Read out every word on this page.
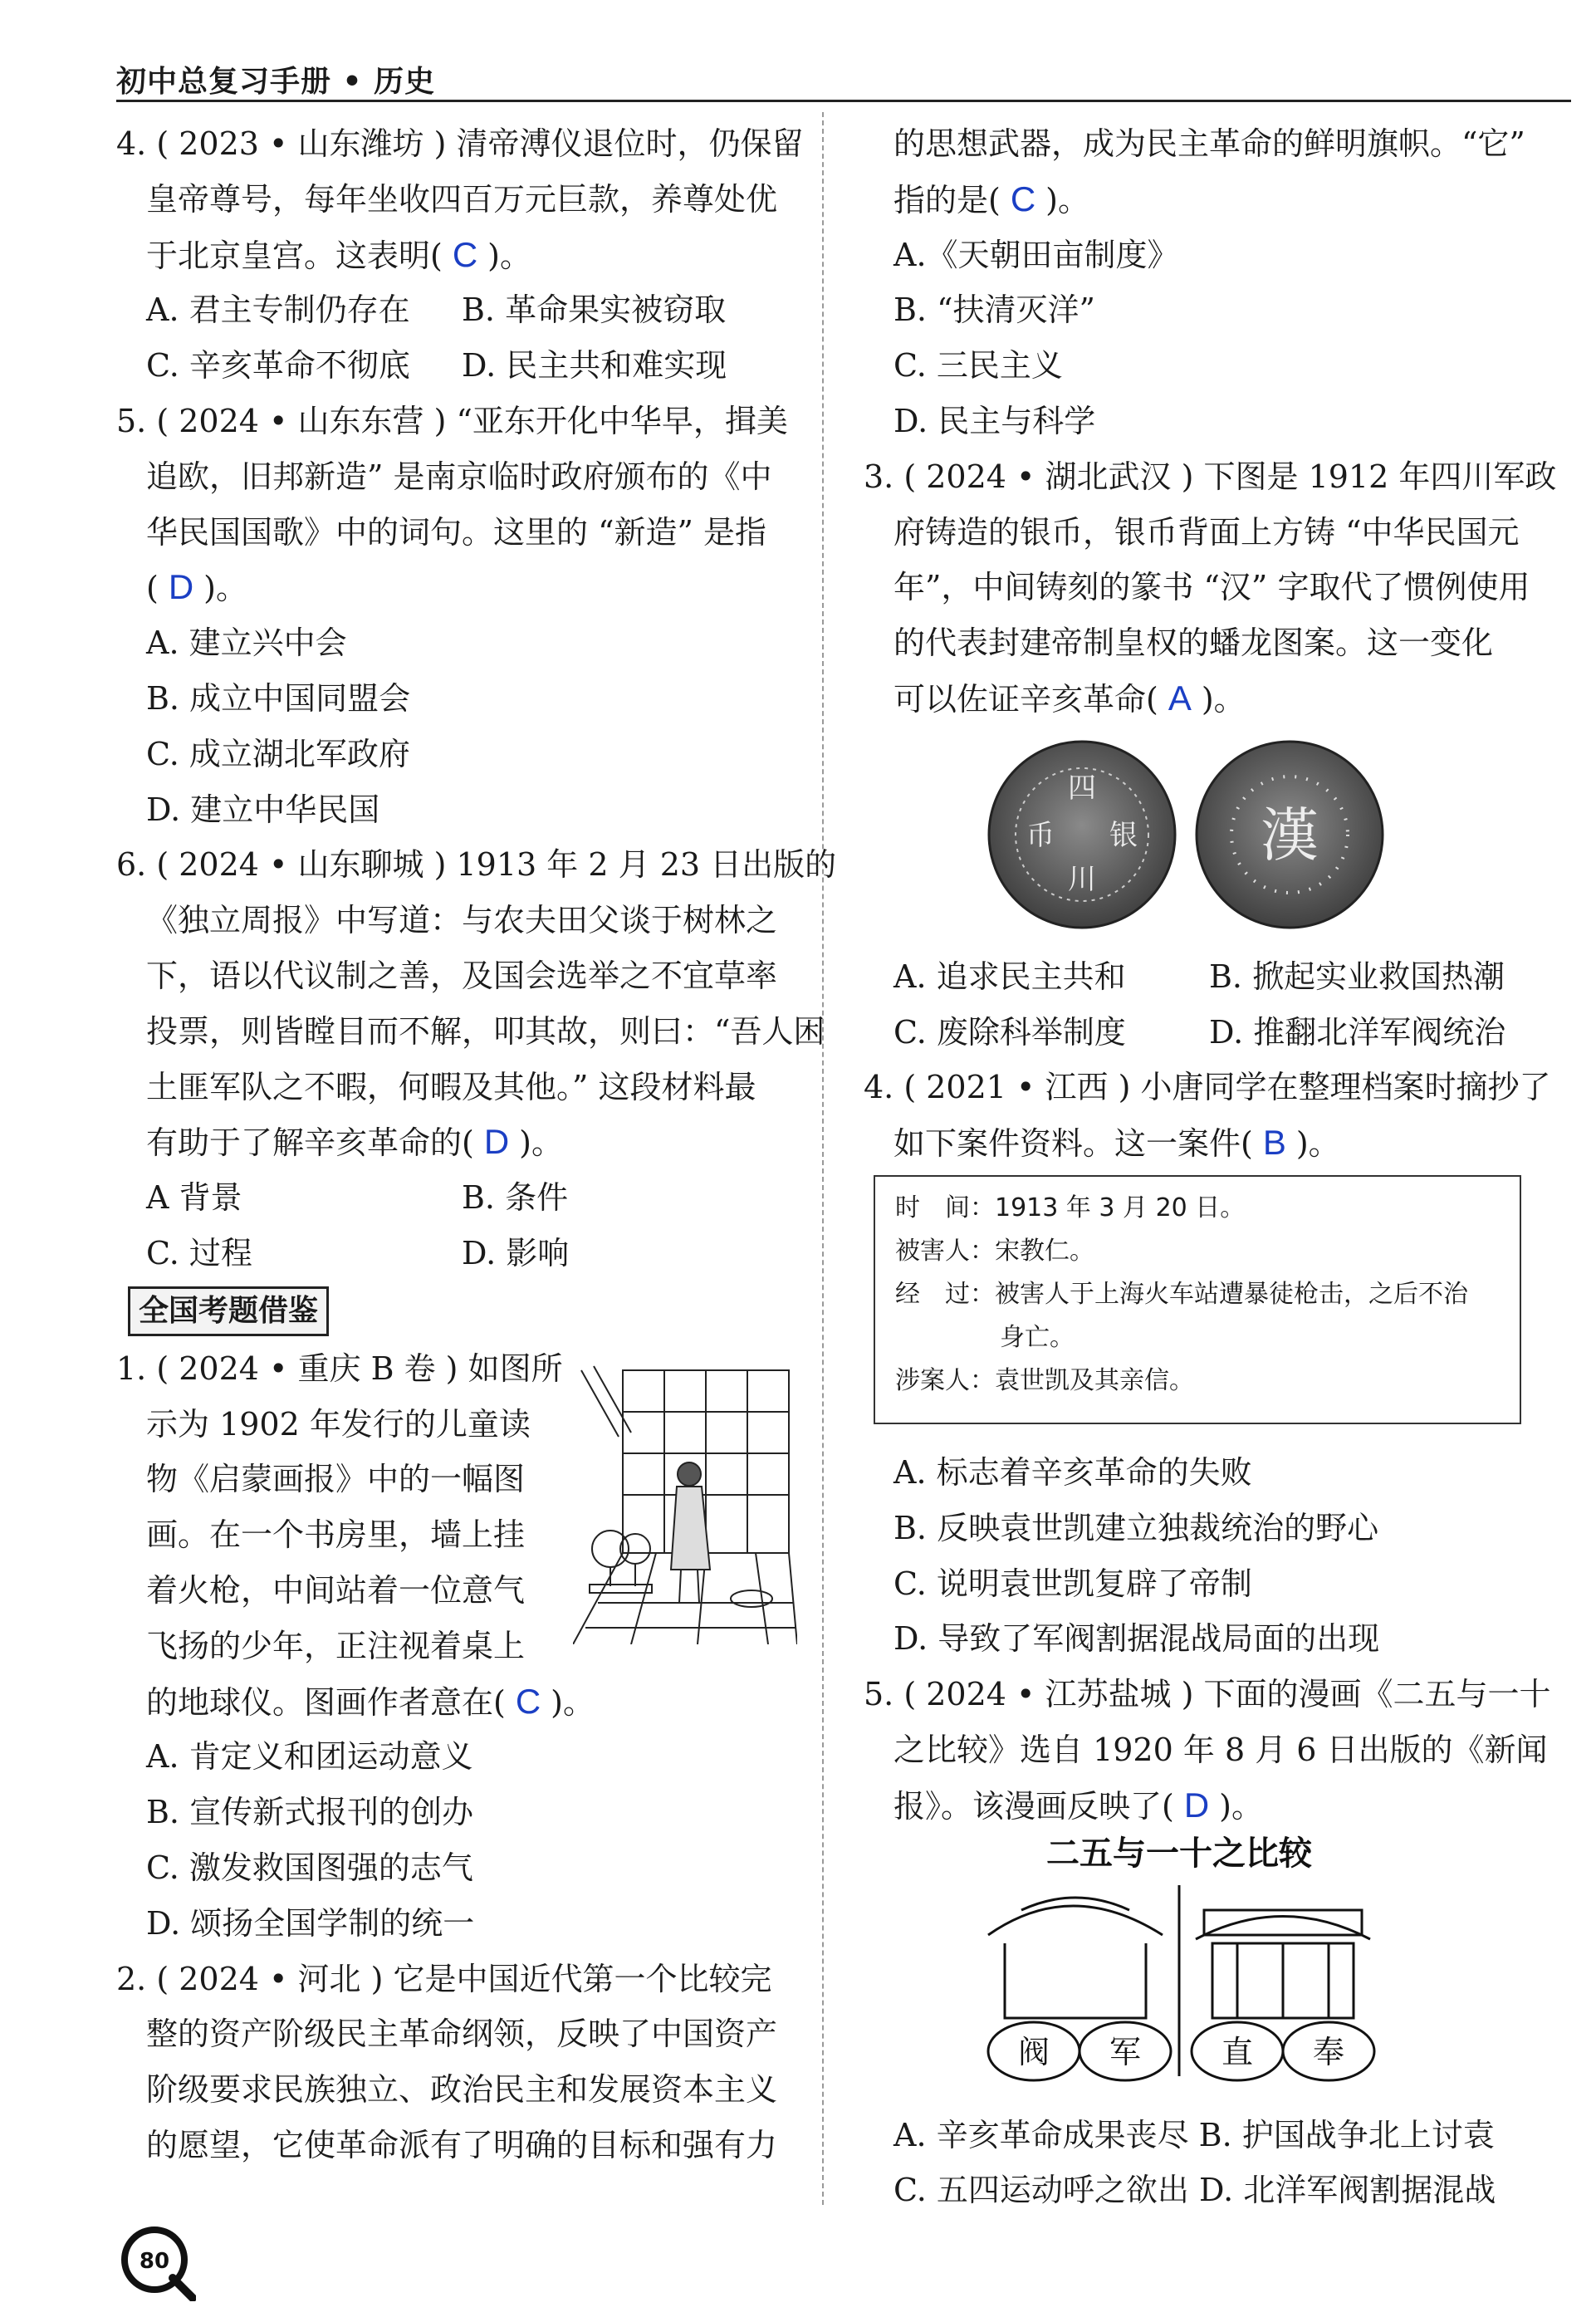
初中总复习手册 • 历史
4. ( 2023 • 山东潍坊 ) 清帝溥仪退位时，仍保留
皇帝尊号，每年坐收四百万元巨款，养尊处优
于北京皇宫。这表明( C )。
A. 君主专制仍存在	B. 革命果实被窃取
C. 辛亥革命不彻底	D. 民主共和难实现
5. ( 2024 • 山东东营 ) “亚东开化中华早，揖美
追欧，旧邦新造” 是南京临时政府颁布的《中
华民国国歌》中的词句。这里的 “新造” 是指
( D )。
A. 建立兴中会
B. 成立中国同盟会
C. 成立湖北军政府
D. 建立中华民国
6. ( 2024 • 山东聊城 ) 1913 年 2 月 23 日出版的
《独立周报》中写道：与农夫田父谈于树林之
下，语以代议制之善，及国会选举之不宜草率
投票，则皆瞠目而不解，叩其故，则曰：“吾人困
土匪军队之不暇，何暇及其他。” 这段材料最
有助于了解辛亥革命的( D )。
A 背景	B. 条件
C. 过程	D. 影响
全国考题借鉴
1. ( 2024 • 重庆 B 卷 ) 如图所
示为 1902 年发行的儿童读
物《启蒙画报》中的一幅图
画。在一个书房里，墙上挂
着火枪，中间站着一位意气
飞扬的少年，正注视着桌上
的地球仪。图画作者意在( C )。
A. 肯定义和团运动意义
B. 宣传新式报刊的创办
C. 激发救国图强的志气
D. 颂扬全国学制的统一
2. ( 2024 • 河北 ) 它是中国近代第一个比较完
整的资产阶级民主革命纲领，反映了中国资产
阶级要求民族独立、政治民主和发展资本主义
的愿望，它使革命派有了明确的目标和强有力
的思想武器，成为民主革命的鲜明旗帜。“它”
指的是( C )。
A.《天朝田亩制度》
B. “扶清灭洋”
C. 三民主义
D. 民主与科学
3. ( 2024 • 湖北武汉 ) 下图是 1912 年四川军政
府铸造的银币，银币背面上方铸 “中华民国元
年”，中间铸刻的篆书 “汉” 字取代了惯例使用
的代表封建帝制皇权的蟠龙图案。这一变化
可以佐证辛亥革命( A )。
A. 追求民主共和	B. 掀起实业救国热潮
C. 废除科举制度	D. 推翻北洋军阀统治
4. ( 2021 • 江西 ) 小唐同学在整理档案时摘抄了
如下案件资料。这一案件( B )。
A. 标志着辛亥革命的失败
B. 反映袁世凯建立独裁统治的野心
C. 说明袁世凯复辟了帝制
D. 导致了军阀割据混战局面的出现
5. ( 2024 • 江苏盐城 ) 下面的漫画《二五与一十
之比较》选自 1920 年 8 月 6 日出版的《新闻
报》。该漫画反映了( D )。
A. 辛亥革命成果丧尽 B. 护国战争北上讨袁
C. 五四运动呼之欲出 D. 北洋军阀割据混战
四
川
银
币	漢
时　间：1913 年 3 月 20 日。
被害人：宋教仁。
经　过：被害人于上海火车站遭暴徒枪击，之后不治
身亡。
涉案人：袁世凯及其亲信。
二五与一十之比较
阀 军	直 奉
80
